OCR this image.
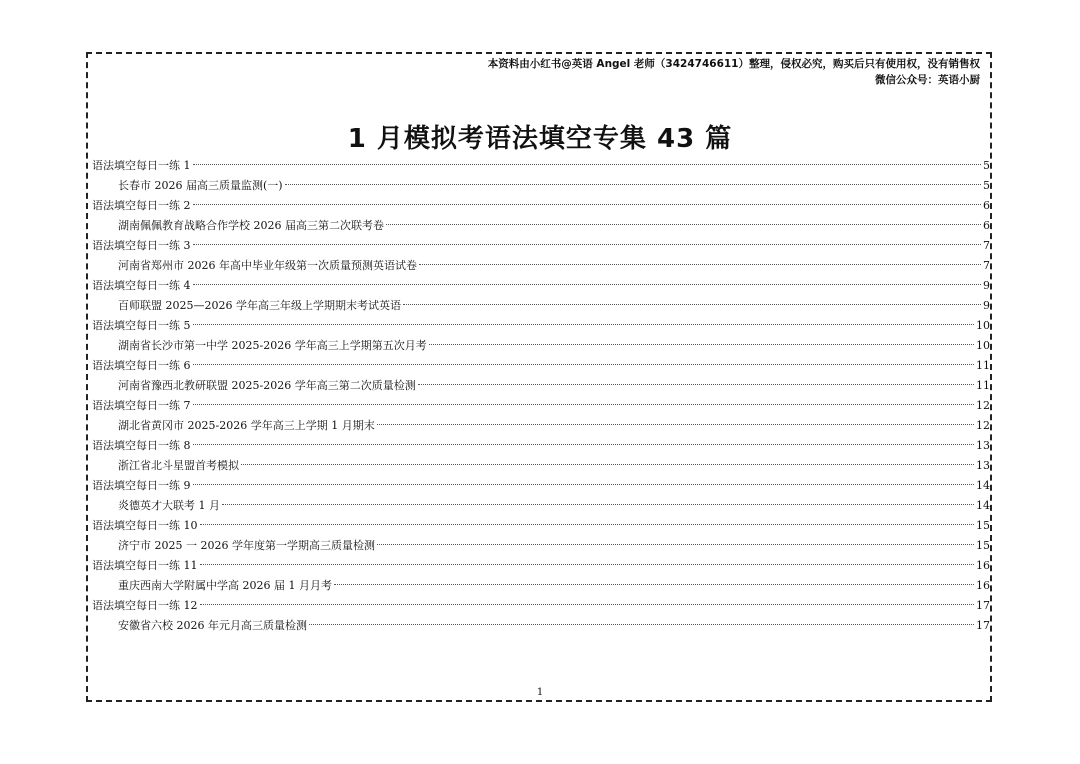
本资料由小红书@英语 Angel 老师（3424746611）整理，侵权必究，购买后只有使用权，没有销售权
微信公众号：英语小厨
1 月模拟考语法填空专集 43 篇
语法填空每日一练 1	5
长春市 2026 届高三质量监测(一)	5
语法填空每日一练 2	6
湖南佩佩教育战略合作学校 2026 届高三第二次联考卷	6
语法填空每日一练 3	7
河南省郑州市 2026 年高中毕业年级第一次质量预测英语试卷	7
语法填空每日一练 4	9
百师联盟 2025—2026 学年高三年级上学期期末考试英语	9
语法填空每日一练 5	10
湖南省长沙市第一中学 2025-2026 学年高三上学期第五次月考	10
语法填空每日一练 6	11
河南省豫西北教研联盟 2025-2026 学年高三第二次质量检测	11
语法填空每日一练 7	12
湖北省黄冈市 2025-2026 学年高三上学期 1 月期末	12
语法填空每日一练 8	13
浙江省北斗星盟首考模拟	13
语法填空每日一练 9	14
炎德英才大联考 1 月	14
语法填空每日一练 10	15
济宁市 2025 一 2026 学年度第一学期高三质量检测	15
语法填空每日一练 11	16
重庆西南大学附属中学高 2026 届 1 月月考	16
语法填空每日一练 12	17
安徽省六校 2026 年元月高三质量检测	17
1
